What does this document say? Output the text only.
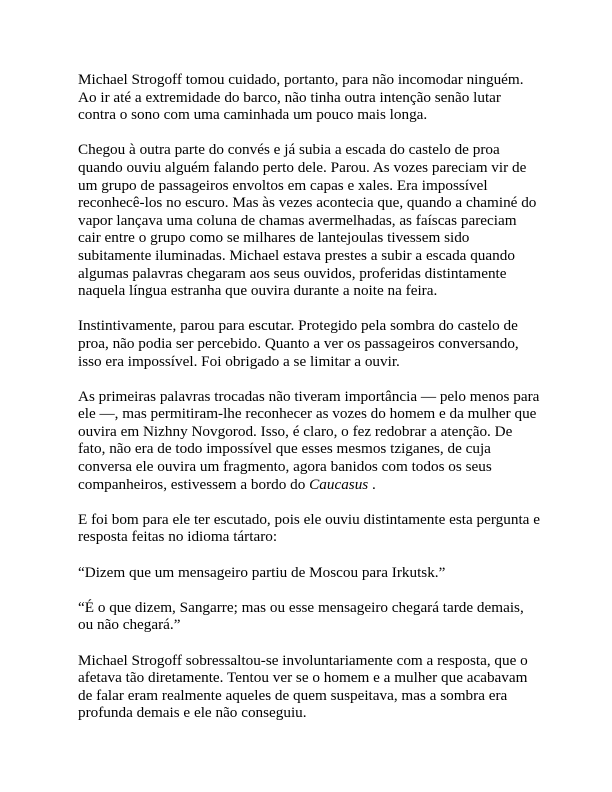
Michael Strogoff tomou cuidado, portanto, para não incomodar ninguém. Ao ir até a extremidade do barco, não tinha outra intenção senão lutar contra o sono com uma caminhada um pouco mais longa.

Chegou à outra parte do convés e já subia a escada do castelo de proa quando ouviu alguém falando perto dele. Parou. As vozes pareciam vir de um grupo de passageiros envoltos em capas e xales. Era impossível reconhecê-los no escuro. Mas às vezes acontecia que, quando a chaminé do vapor lançava uma coluna de chamas avermelhadas, as faíscas pareciam cair entre o grupo como se milhares de lantejoulas tivessem sido subitamente iluminadas. Michael estava prestes a subir a escada quando algumas palavras chegaram aos seus ouvidos, proferidas distintamente naquela língua estranha que ouvira durante a noite na feira.

Instintivamente, parou para escutar. Protegido pela sombra do castelo de proa, não podia ser percebido. Quanto a ver os passageiros conversando, isso era impossível. Foi obrigado a se limitar a ouvir.

As primeiras palavras trocadas não tiveram importância — pelo menos para ele —, mas permitiram-lhe reconhecer as vozes do homem e da mulher que ouvira em Nizhny Novgorod. Isso, é claro, o fez redobrar a atenção. De fato, não era de todo impossível que esses mesmos tziganes, de cuja conversa ele ouvira um fragmento, agora banidos com todos os seus companheiros, estivessem a bordo do Caucasus .

E foi bom para ele ter escutado, pois ele ouviu distintamente esta pergunta e resposta feitas no idioma tártaro:

“Dizem que um mensageiro partiu de Moscou para Irkutsk.”

“É o que dizem, Sangarre; mas ou esse mensageiro chegará tarde demais, ou não chegará.”

Michael Strogoff sobressaltou-se involuntariamente com a resposta, que o afetava tão diretamente. Tentou ver se o homem e a mulher que acabavam de falar eram realmente aqueles de quem suspeitava, mas a sombra era profunda demais e ele não conseguiu.
